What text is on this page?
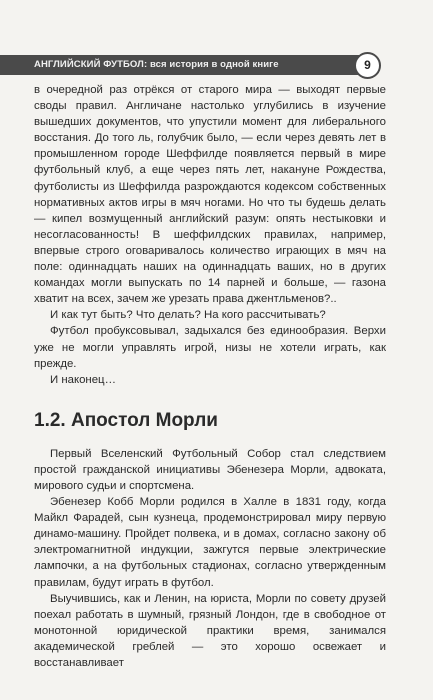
АНГЛИЙСКИЙ ФУТБОЛ: вся история в одной книге	9

в очередной раз отрёкся от старого мира — выходят первые своды правил. Англичане настолько углубились в изучение вышедших документов, что упустили момент для либерального восстания. До того ль, голубчик было, — если через девять лет в промышленном городе Шеффилде появляется первый в мире футбольный клуб, а еще через пять лет, накануне Рождества, футболисты из Шеффилда разрождаются кодексом собственных нормативных актов игры в мяч ногами. Но что ты будешь делать — кипел возмущенный английский разум: опять нестыковки и несогласованность! В шеффилдских правилах, например, впервые строго оговаривалось количество играющих в мяч на поле: одиннадцать наших на одиннадцать ваших, но в других командах могли выпускать по 14 парней и больше, — газона хватит на всех, зачем же урезать права джентльменов?..

И как тут быть? Что делать? На кого рассчитывать?

Футбол пробуксовывал, задыхался без единообразия. Верхи уже не могли управлять игрой, низы не хотели играть, как прежде.

И наконец…

1.2. Апостол Морли

Первый Вселенский Футбольный Собор стал следствием простой гражданской инициативы Эбенезера Морли, адвоката, мирового судьи и спортсмена.

Эбенезер Кобб Морли родился в Халле в 1831 году, когда Майкл Фарадей, сын кузнеца, продемонстрировал миру первую динамо-машину. Пройдет полвека, и в домах, согласно закону об электромагнитной индукции, зажгутся первые электрические лампочки, а на футбольных стадионах, согласно утвержденным правилам, будут играть в футбол.

Выучившись, как и Ленин, на юриста, Морли по совету друзей поехал работать в шумный, грязный Лондон, где в свободное от монотонной юридической практики время, занимался академической греблей — это хорошо освежает и восстанавливает
